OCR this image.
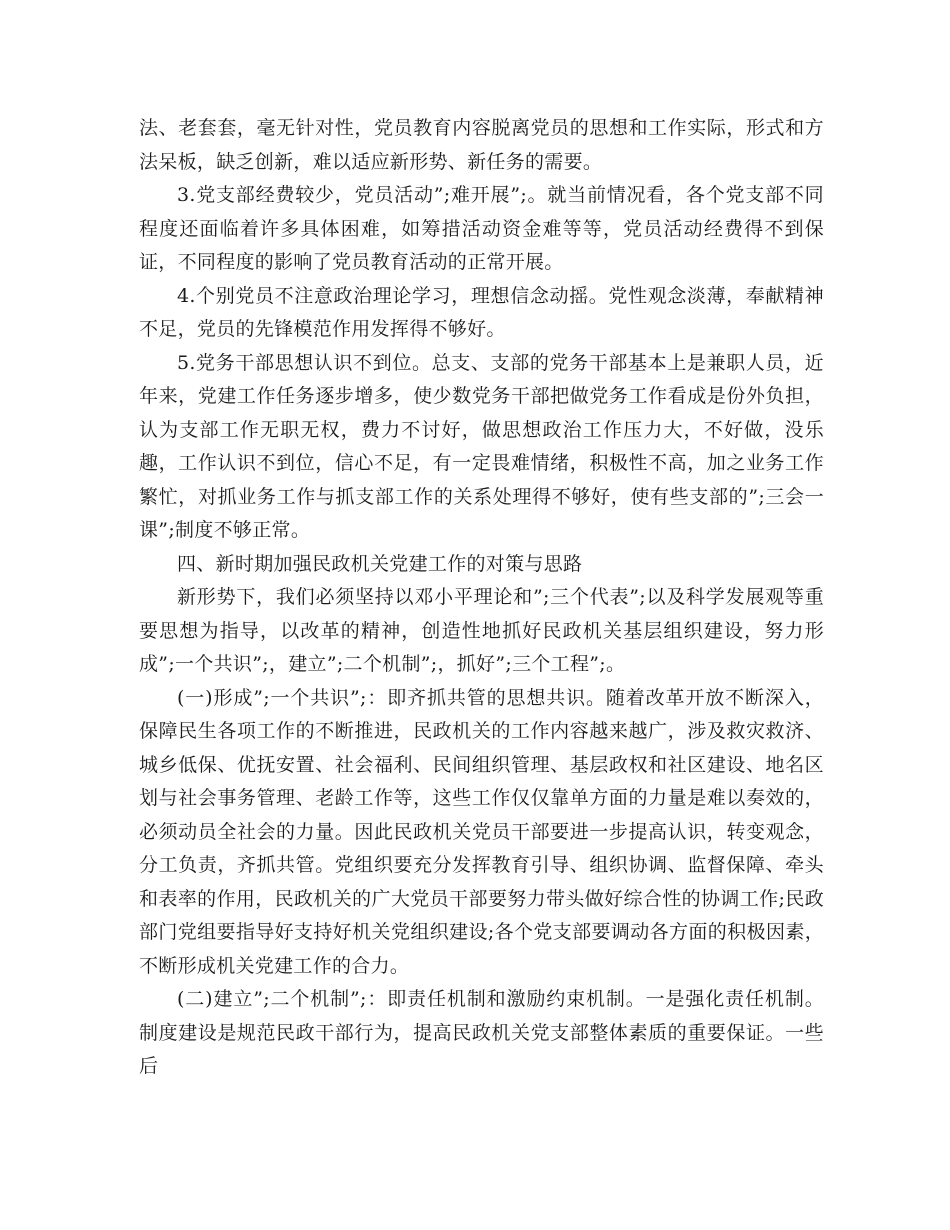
法、老套套，毫无针对性，党员教育内容脱离党员的思想和工作实际，形式和方法呆板，缺乏创新，难以适应新形势、新任务的需要。

3.党支部经费较少，党员活动”;难开展”;。就当前情况看，各个党支部不同程度还面临着许多具体困难，如筹措活动资金难等等，党员活动经费得不到保证，不同程度的影响了党员教育活动的正常开展。

4.个别党员不注意政治理论学习，理想信念动摇。党性观念淡薄，奉献精神不足，党员的先锋模范作用发挥得不够好。

5.党务干部思想认识不到位。总支、支部的党务干部基本上是兼职人员，近年来，党建工作任务逐步增多，使少数党务干部把做党务工作看成是份外负担，认为支部工作无职无权，费力不讨好，做思想政治工作压力大，不好做，没乐趣，工作认识不到位，信心不足，有一定畏难情绪，积极性不高，加之业务工作繁忙，对抓业务工作与抓支部工作的关系处理得不够好，使有些支部的”;三会一课”;制度不够正常。

四、新时期加强民政机关党建工作的对策与思路

新形势下，我们必须坚持以邓小平理论和”;三个代表”;以及科学发展观等重要思想为指导，以改革的精神，创造性地抓好民政机关基层组织建设，努力形成”;一个共识”;，建立”;二个机制”;，抓好”;三个工程”;。

(一)形成”;一个共识”;：即齐抓共管的思想共识。随着改革开放不断深入，保障民生各项工作的不断推进，民政机关的工作内容越来越广，涉及救灾救济、城乡低保、优抚安置、社会福利、民间组织管理、基层政权和社区建设、地名区划与社会事务管理、老龄工作等，这些工作仅仅靠单方面的力量是难以奏效的，必须动员全社会的力量。因此民政机关党员干部要进一步提高认识，转变观念，分工负责，齐抓共管。党组织要充分发挥教育引导、组织协调、监督保障、牵头和表率的作用，民政机关的广大党员干部要努力带头做好综合性的协调工作;民政部门党组要指导好支持好机关党组织建设;各个党支部要调动各方面的积极因素，不断形成机关党建工作的合力。

(二)建立”;二个机制”;：即责任机制和激励约束机制。一是强化责任机制。制度建设是规范民政干部行为，提高民政机关党支部整体素质的重要保证。一些后
